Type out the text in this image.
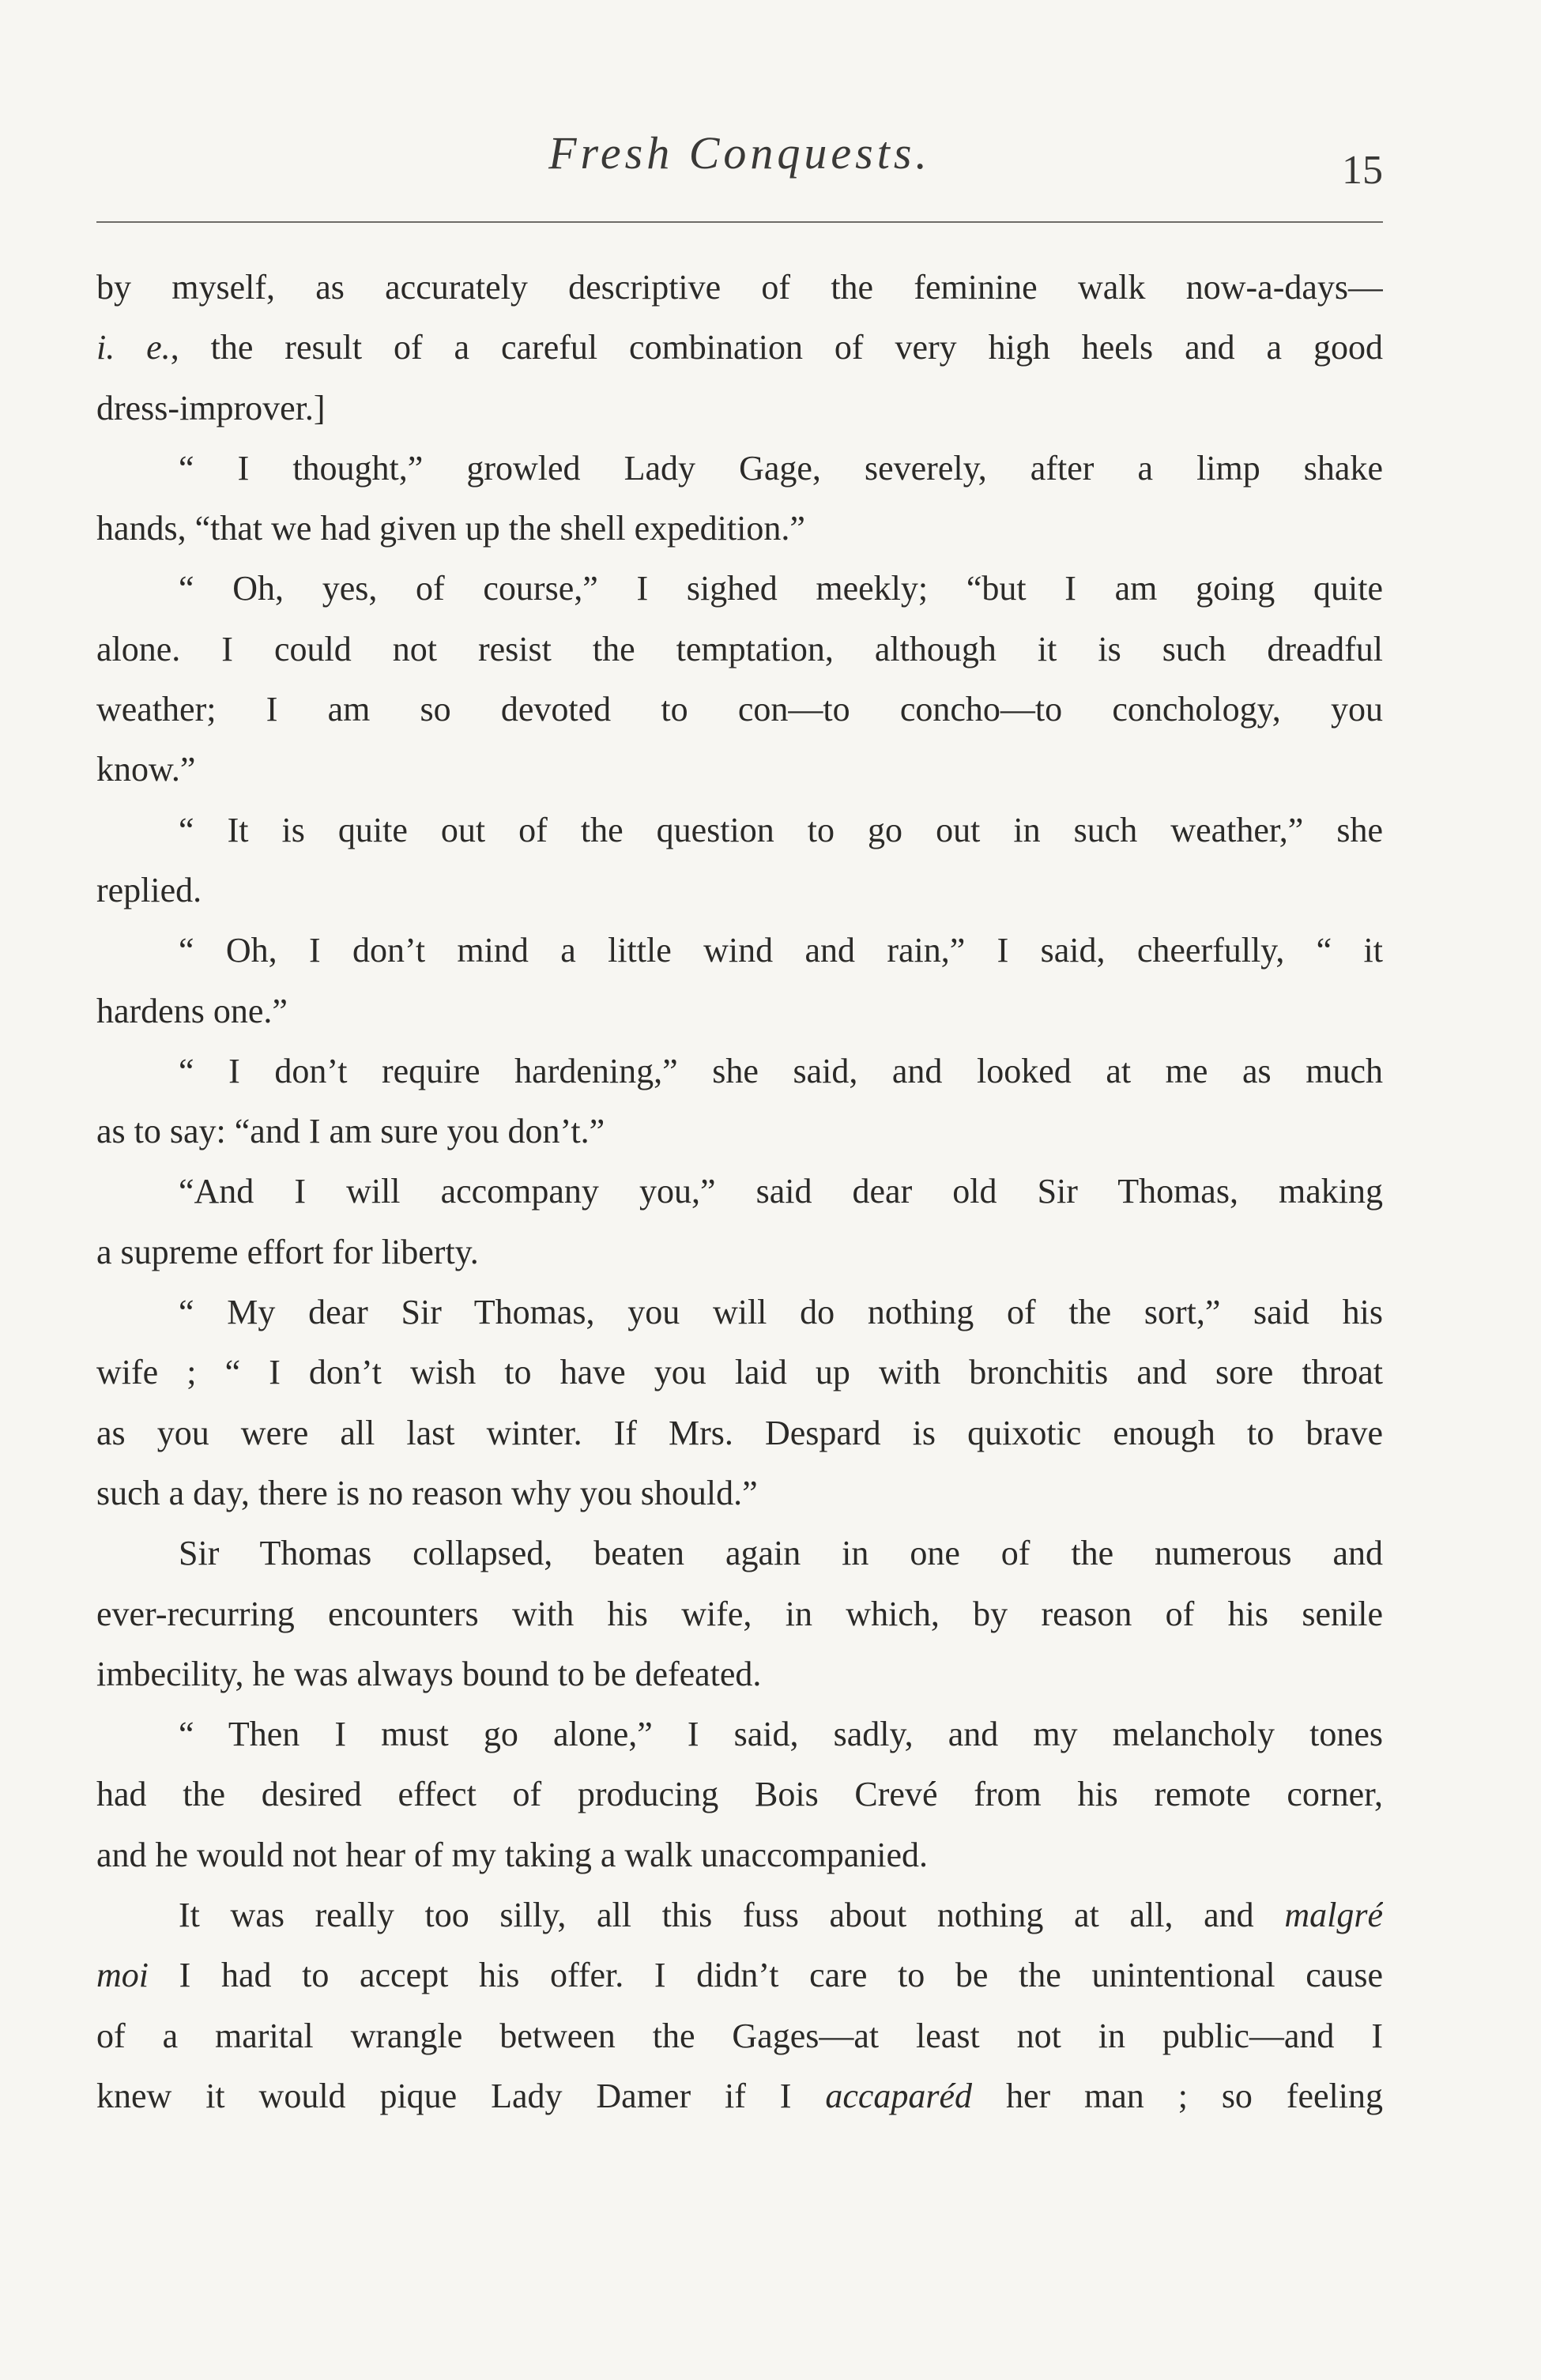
Fresh Conquests.	15
by myself, as accurately descriptive of the feminine walk now-a-days—
i. e., the result of a careful combination of very high heels and a good
dress-improver.]
“ I thought,” growled Lady Gage, severely, after a limp shake
hands, “that we had given up the shell expedition.”
“ Oh, yes, of course,” I sighed meekly; “but I am going quite
alone. I could not resist the temptation, although it is such dreadful
weather; I am so devoted to con—to concho—to conchology, you
know.”
“ It is quite out of the question to go out in such weather,” she
replied.
“ Oh, I don’t mind a little wind and rain,” I said, cheerfully, “ it
hardens one.”
“ I don’t require hardening,” she said, and looked at me as much
as to say: “and I am sure you don’t.”
“And I will accompany you,” said dear old Sir Thomas, making
a supreme effort for liberty.
“ My dear Sir Thomas, you will do nothing of the sort,” said his
wife ; “ I don’t wish to have you laid up with bronchitis and sore throat
as you were all last winter. If Mrs. Despard is quixotic enough to brave
such a day, there is no reason why you should.”
Sir Thomas collapsed, beaten again in one of the numerous and
ever-recurring encounters with his wife, in which, by reason of his senile
imbecility, he was always bound to be defeated.
“ Then I must go alone,” I said, sadly, and my melancholy tones
had the desired effect of producing Bois Crevé from his remote corner,
and he would not hear of my taking a walk unaccompanied.
It was really too silly, all this fuss about nothing at all, and malgré
moi I had to accept his offer. I didn’t care to be the unintentional cause
of a marital wrangle between the Gages—at least not in public—and I
knew it would pique Lady Damer if I accaparéd her man ; so feeling
